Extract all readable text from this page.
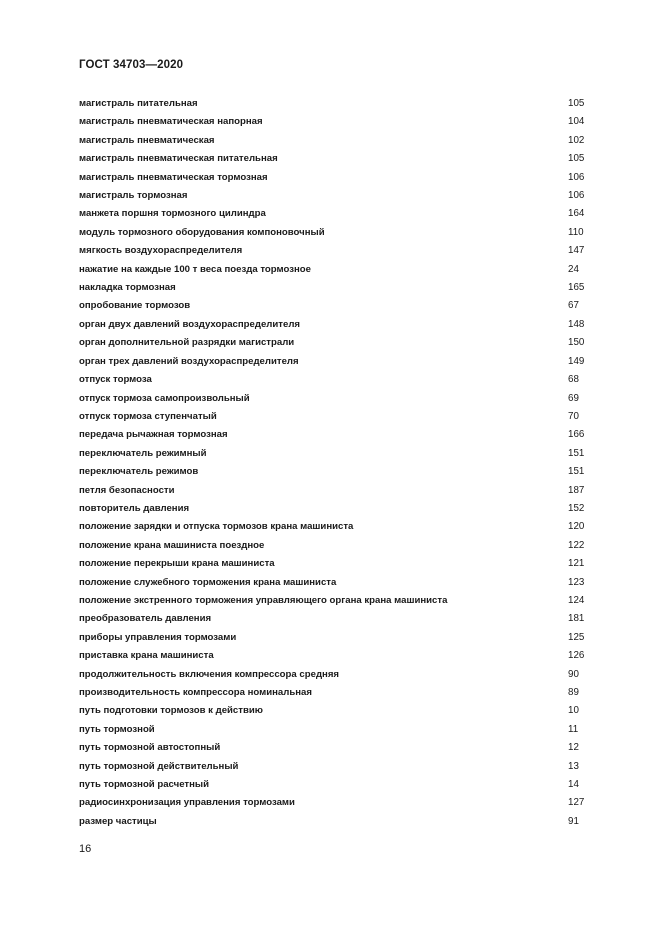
ГОСТ 34703—2020
магистраль питательная	105
магистраль пневматическая напорная	104
магистраль пневматическая	102
магистраль пневматическая питательная	105
магистраль пневматическая тормозная	106
магистраль тормозная	106
манжета поршня тормозного цилиндра	164
модуль тормозного оборудования компоновочный	110
мягкость воздухораспределителя	147
нажатие на каждые 100 т веса поезда тормозное	24
накладка тормозная	165
опробование тормозов	67
орган двух давлений воздухораспределителя	148
орган дополнительной разрядки магистрали	150
орган трех давлений воздухораспределителя	149
отпуск тормоза	68
отпуск тормоза самопроизвольный	69
отпуск тормоза ступенчатый	70
передача рычажная тормозная	166
переключатель режимный	151
переключатель режимов	151
петля безопасности	187
повторитель давления	152
положение зарядки и отпуска тормозов крана машиниста	120
положение крана машиниста поездное	122
положение перекрыши крана машиниста	121
положение служебного торможения крана машиниста	123
положение экстренного торможения управляющего органа крана машиниста	124
преобразователь давления	181
приборы управления тормозами	125
приставка крана машиниста	126
продолжительность включения компрессора средняя	90
производительность компрессора номинальная	89
путь подготовки тормозов к действию	10
путь тормозной	11
путь тормозной автостопный	12
путь тормозной действительный	13
путь тормозной расчетный	14
радиосинхронизация управления тормозами	127
размер частицы	91
16
